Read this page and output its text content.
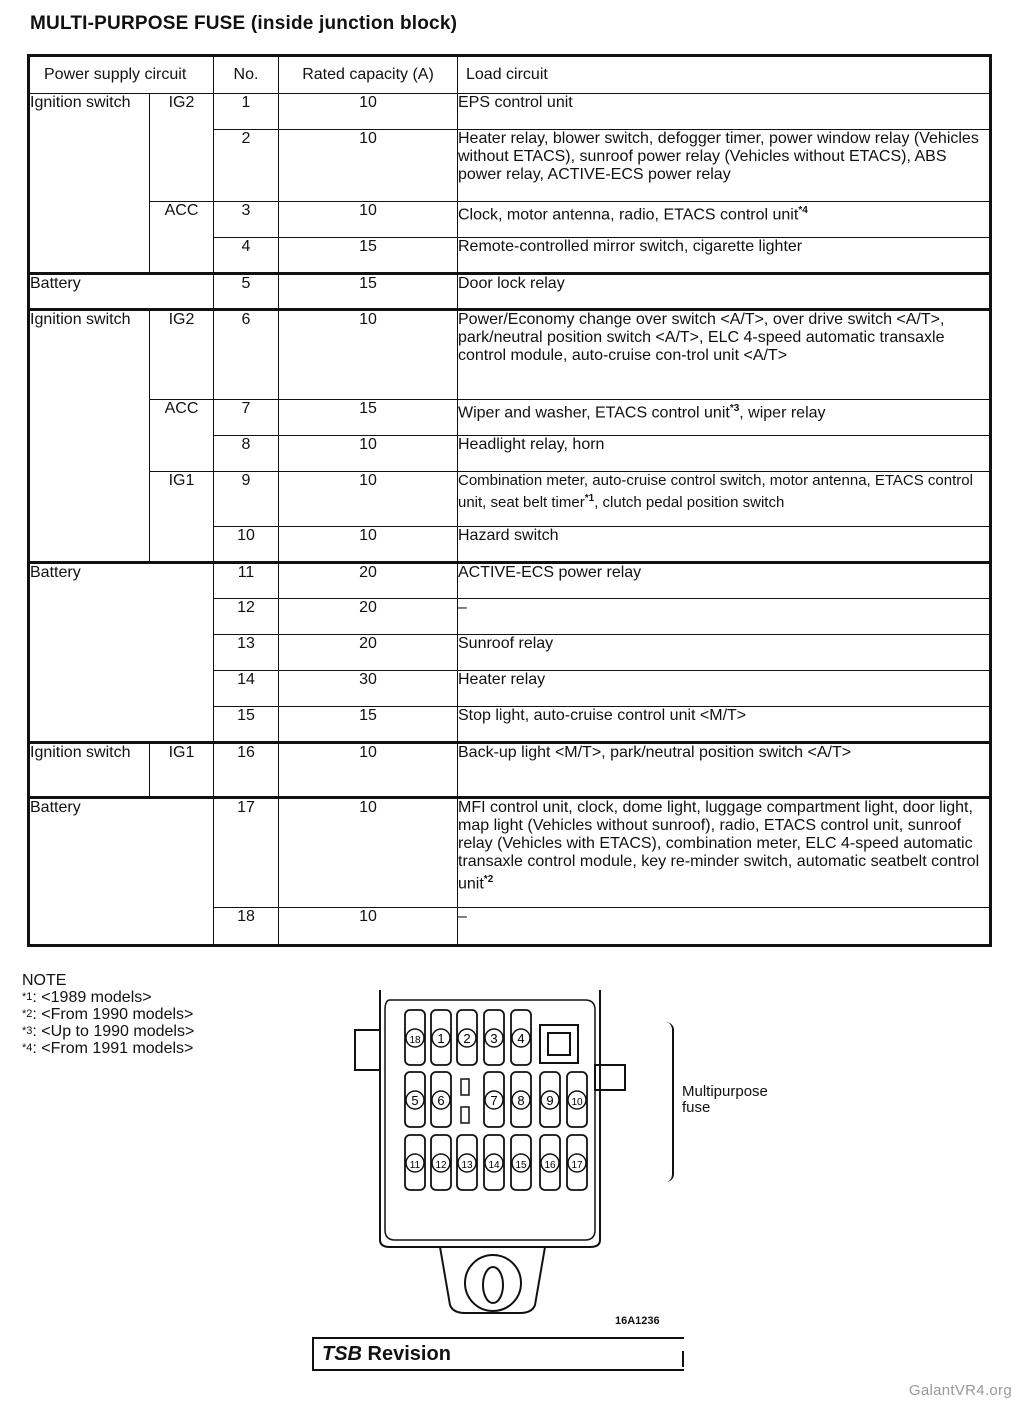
MULTI-PURPOSE FUSE (inside junction block)
Power supply circuit		No.	Rated capacity (A)	Load circuit
Ignition switch	IG2	1	10	EPS control unit
		2	10	Heater relay, blower switch, defogger timer, power window relay (Vehicles without ETACS), sunroof power relay (Vehicles without ETACS), ABS power relay, ACTIVE-ECS power relay
	ACC	3	10	Clock, motor antenna, radio, ETACS control unit$^{*4}$
		4	15	Remote-controlled mirror switch, cigarette lighter
Battery		5	15	Door lock relay
Ignition switch	IG2	6	10	Power/Economy change over switch <A/T>, over drive switch <A/T>, park/neutral position switch <A/T>, ELC 4-speed automatic transaxle control module, auto-cruise con-trol unit <A/T>
	ACC	7	15	Wiper and washer, ETACS control unit$^{*3}$, wiper relay
		8	10	Headlight relay, horn
	IG1	9	10	Combination meter, auto-cruise control switch, motor antenna, ETACS control unit, seat belt timer$^{*1}$, clutch pedal position switch
		10	10	Hazard switch
Battery		11	20	ACTIVE-ECS power relay
		12	20	–
		13	20	Sunroof relay
		14	30	Heater relay
		15	15	Stop light, auto-cruise control unit <M/T>
Ignition switch	IG1	16	10	Back-up light <M/T>, park/neutral position switch <A/T>
Battery		17	10	MFI control unit, clock, dome light, luggage compartment light, door light, map light (Vehicles without sunroof), radio, ETACS control unit, sunroof relay (Vehicles with ETACS), combination meter, ELC 4-speed automatic transaxle control module, key re-minder switch, automatic seatbelt control unit$^{*2}$
		18	10	–
NOTE
$^{*1}$: <1989 models>
$^{*2}$: <From 1990 models>
$^{*3}$: <Up to 1990 models>
$^{*4}$: <From 1991 models>	18 1 2 3 4
5 6	7 8 9 10
11 12 13 14 15 16 17
Multipurpose fuse
16A1236
TSB Revision
GalantVR4.org
